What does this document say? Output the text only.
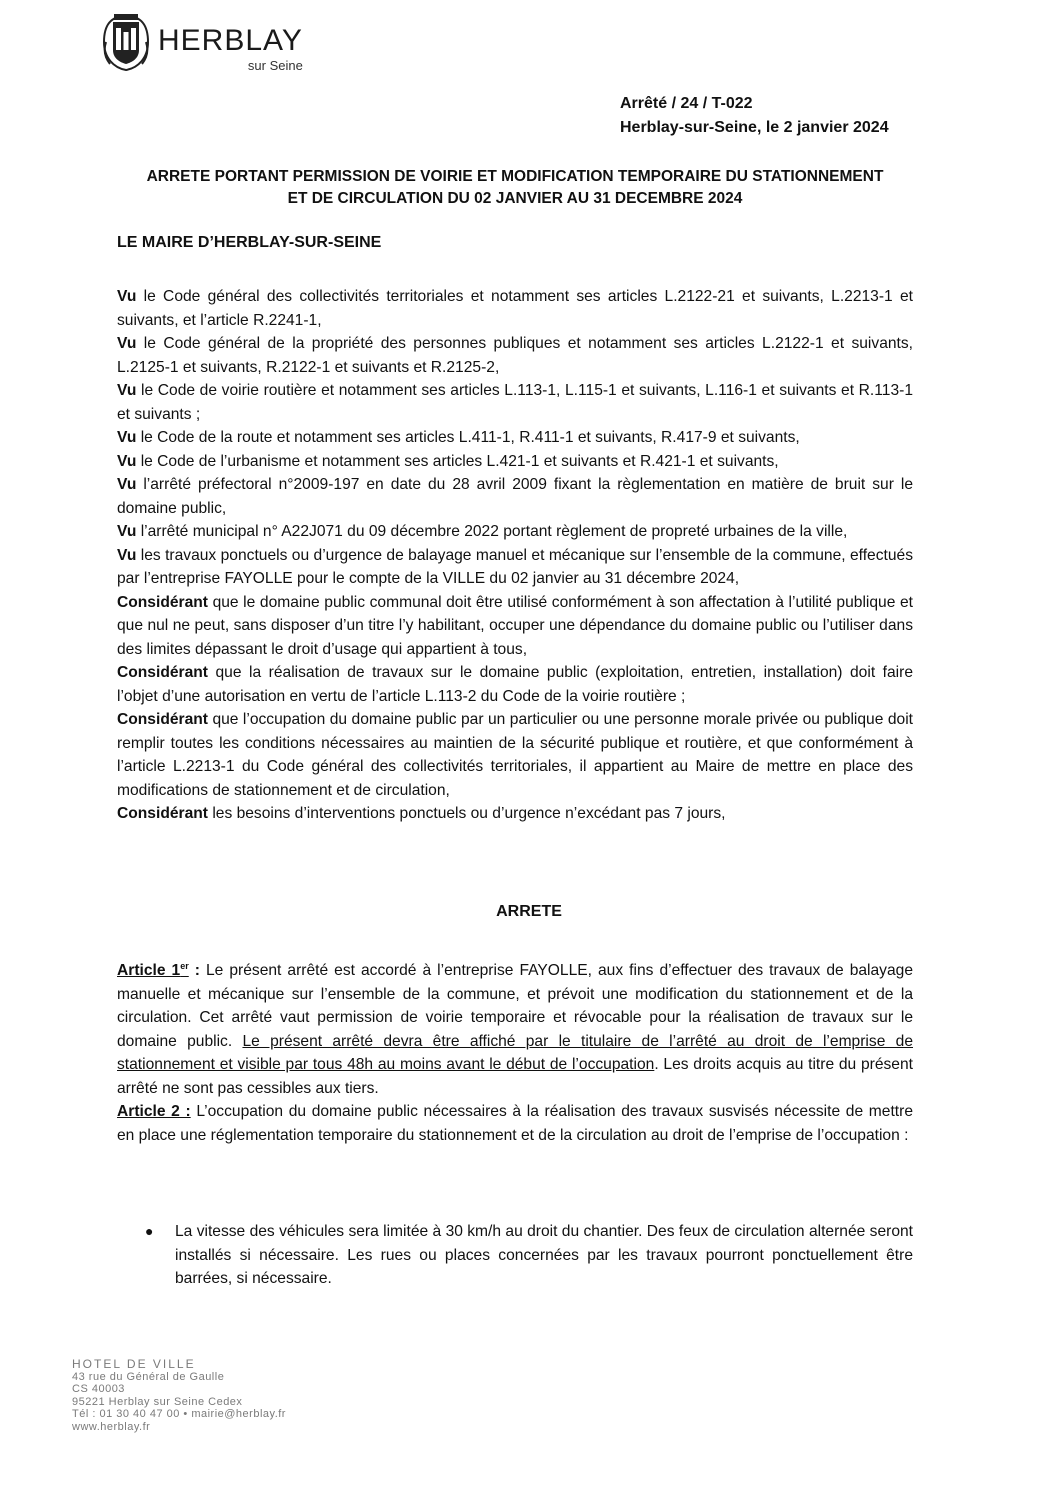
HERBLAY
sur Seine
Arrêté / 24 / T-022
Herblay-sur-Seine, le 2 janvier 2024
ARRETE PORTANT PERMISSION DE VOIRIE ET MODIFICATION TEMPORAIRE DU STATIONNEMENT
ET DE CIRCULATION DU 02 JANVIER AU 31 DECEMBRE 2024
LE MAIRE D’HERBLAY-SUR-SEINE

Vu le Code général des collectivités territoriales et notamment ses articles L.2122-21 et suivants, L.2213-1 et suivants, et l’article R.2241-1,

Vu le Code général de la propriété des personnes publiques et notamment ses articles L.2122-1 et suivants, L.2125-1 et suivants, R.2122-1 et suivants et R.2125-2,

Vu le Code de voirie routière et notamment ses articles L.113-1, L.115-1 et suivants, L.116-1 et suivants et R.113-1 et suivants ;

Vu le Code de la route et notamment ses articles L.411-1, R.411-1 et suivants, R.417-9 et suivants,

Vu le Code de l’urbanisme et notamment ses articles L.421-1 et suivants et R.421-1 et suivants,

Vu l’arrêté préfectoral n°2009-197 en date du 28 avril 2009 fixant la règlementation en matière de bruit sur le domaine public,

Vu l’arrêté municipal n° A22J071 du 09 décembre 2022 portant règlement de propreté urbaines de la ville,

Vu les travaux ponctuels ou d’urgence de balayage manuel et mécanique sur l’ensemble de la commune, effectués par l’entreprise FAYOLLE pour le compte de la VILLE du 02 janvier au 31 décembre 2024,

Considérant que le domaine public communal doit être utilisé conformément à son affectation à l’utilité publique et que nul ne peut, sans disposer d’un titre l’y habilitant, occuper une dépendance du domaine public ou l’utiliser dans des limites dépassant le droit d’usage qui appartient à tous,

Considérant que la réalisation de travaux sur le domaine public (exploitation, entretien, installation) doit faire l’objet d’une autorisation en vertu de l’article L.113-2 du Code de la voirie routière ;

Considérant que l’occupation du domaine public par un particulier ou une personne morale privée ou publique doit remplir toutes les conditions nécessaires au maintien de la sécurité publique et routière, et que conformément à l’article L.2213-1 du Code général des collectivités territoriales, il appartient au Maire de mettre en place des modifications de stationnement et de circulation,

Considérant les besoins d’interventions ponctuels ou d’urgence n’excédant pas 7 jours,

ARRETE

Article 1er : Le présent arrêté est accordé à l’entreprise FAYOLLE, aux fins d’effectuer des travaux de balayage manuelle et mécanique sur l’ensemble de la commune, et prévoit une modification du stationnement et de la circulation. Cet arrêté vaut permission de voirie temporaire et révocable pour la réalisation de travaux sur le domaine public. Le présent arrêté devra être affiché par le titulaire de l’arrêté au droit de l’emprise de stationnement et visible par tous 48h au moins avant le début de l’occupation. Les droits acquis au titre du présent arrêté ne sont pas cessibles aux tiers.

Article 2 : L’occupation du domaine public nécessaires à la réalisation des travaux susvisés nécessite de mettre en place une réglementation temporaire du stationnement et de la circulation au droit de l’emprise de l’occupation :

●	La vitesse des véhicules sera limitée à 30 km/h au droit du chantier. Des feux de circulation alternée seront installés si nécessaire. Les rues ou places concernées par les travaux pourront ponctuellement être barrées, si nécessaire.
HOTEL DE VILLE
43 rue du Général de Gaulle
CS 40003
95221 Herblay sur Seine Cedex
Tél : 01 30 40 47 00 • mairie@herblay.fr
www.herblay.fr
